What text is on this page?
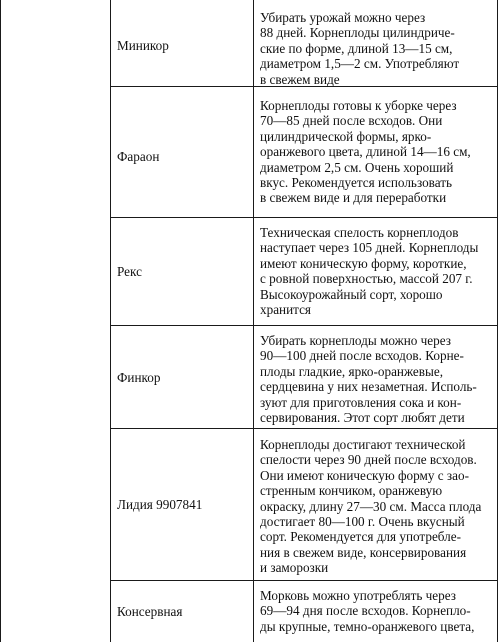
Миникор

Убирать урожай можно через
88 дней. Корнеплоды цилиндриче-
ские по форме, длиной 13—15 см,
диаметром 1,5—2 см. Употребляют
в свежем виде

Фараон

Корнеплоды готовы к уборке через
70—85 дней после всходов. Они
цилиндрической формы, ярко-
оранжевого цвета, длиной 14—16 см,
диаметром 2,5 см. Очень хороший
вкус. Рекомендуется использовать
в свежем виде и для переработки

Рекс

Техническая спелость корнеплодов
наступает через 105 дней. Корнеплоды
имеют коническую форму, короткие,
с ровной поверхностью, массой 207 г.
Высокоурожайный сорт, хорошо
хранится

Финкор

Убирать корнеплоды можно через
90—100 дней после всходов. Корне-
плоды гладкие, ярко-оранжевые,
сердцевина у них незаметная. Исполь-
зуют для приготовления сока и кон-
сервирования. Этот сорт любят дети

Лидия 9907841

Корнеплоды достигают технической
спелости через 90 дней после всходов.
Они имеют коническую форму с зао-
стренным кончиком, оранжевую
окраску, длину 27—30 см. Масса плода
достигает 80—100 г. Очень вкусный
сорт. Рекомендуется для употребле-
ния в свежем виде, консервирования
и заморозки

Консервная

Морковь можно употреблять через
69—94 дня после всходов. Корнепло-
ды крупные, темно-оранжевого цвета,
